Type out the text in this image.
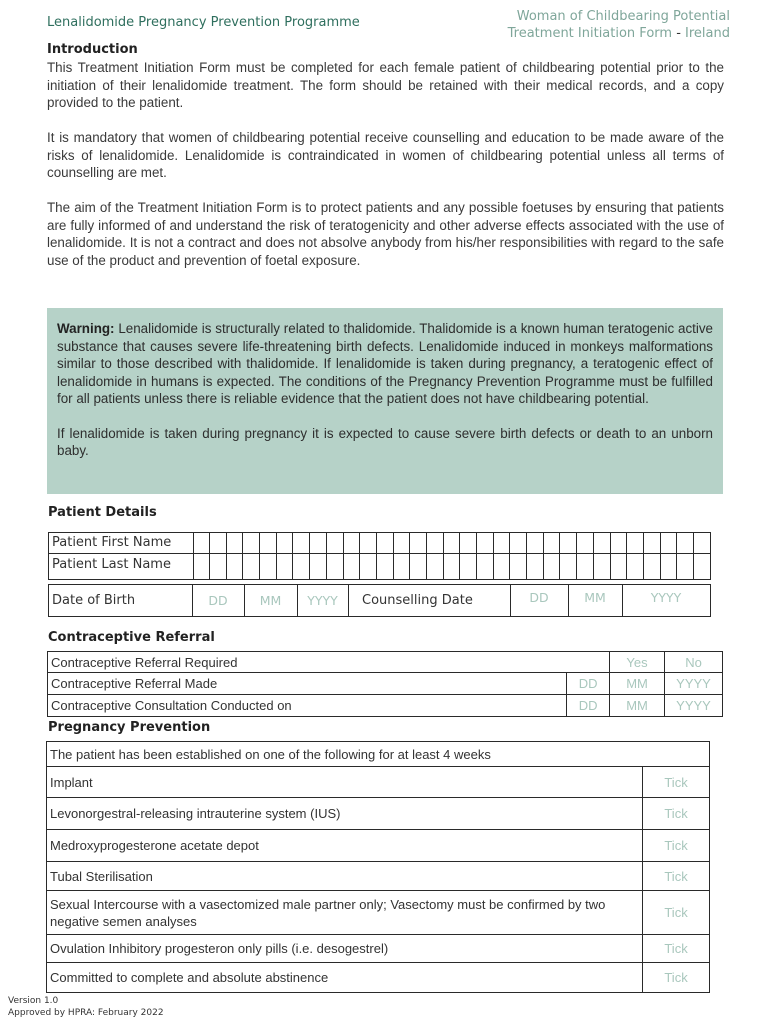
Lenalidomide Pregnancy Prevention Programme	Woman of Childbearing Potential
Treatment Initiation Form - Ireland
Introduction

This Treatment Initiation Form must be completed for each female patient of childbearing potential prior to the initiation of their lenalidomide treatment. The form should be retained with their medical records, and a copy provided to the patient.

It is mandatory that women of childbearing potential receive counselling and education to be made aware of the risks of lenalidomide. Lenalidomide is contraindicated in women of childbearing potential unless all terms of counselling are met.

The aim of the Treatment Initiation Form is to protect patients and any possible foetuses by ensuring that patients are fully informed of and understand the risk of teratogenicity and other adverse effects associated with the use of lenalidomide. It is not a contract and does not absolve anybody from his/her responsibilities with regard to the safe use of the product and prevention of foetal exposure.

Warning: Lenalidomide is structurally related to thalidomide. Thalidomide is a known human teratogenic active substance that causes severe life-threatening birth defects. Lenalidomide induced in monkeys malformations similar to those described with thalidomide. If lenalidomide is taken during pregnancy, a teratogenic effect of lenalidomide in humans is expected. The conditions of the Pregnancy Prevention Programme must be fulfilled for all patients unless there is reliable evidence that the patient does not have childbearing potential.

If lenalidomide is taken during pregnancy it is expected to cause severe birth defects or death to an unborn baby.

Patient Details
Patient First Name
Patient Last Name
Date of Birth	DD	MM	YYYY	Counselling Date	DD	MM	YYYY
Contraceptive Referral
Contraceptive Referral Required		Yes	No
Contraceptive Referral Made	DD	MM	YYYY
Contraceptive Consultation Conducted on	DD	MM	YYYY
Pregnancy Prevention
The patient has been established on one of the following for at least 4 weeks	
Implant	Tick
Levonorgestral-releasing intrauterine system (IUS)	Tick
Medroxyprogesterone acetate depot	Tick
Tubal Sterilisation	Tick
Sexual Intercourse with a vasectomized male partner only; Vasectomy must be confirmed by two negative semen analyses	Tick
Ovulation Inhibitory progesteron only pills (i.e. desogestrel)	Tick
Committed to complete and absolute abstinence	Tick
Version 1.0
Approved by HPRA: February 2022
